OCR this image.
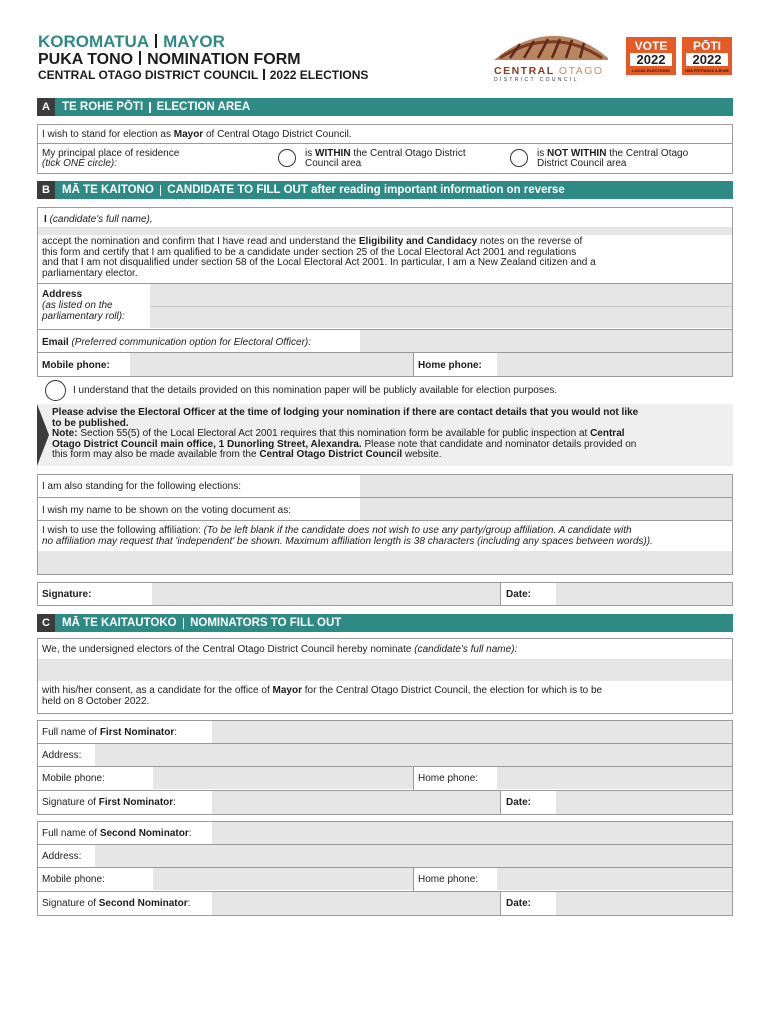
KOROMATUA MAYOR
PUKA TONO NOMINATION FORM
CENTRAL OTAGO DISTRICT COUNCIL 2022 ELECTIONS	CENTRAL OTAGO
D I S T R I C T   C O U N C I L
VOTE
2022
LOCAL ELECTIONS
PŌTI
2022
NGĀ PŌTITANGA Ā-ROHE
A	TE ROHE PŌTI ELECTION AREA
I wish to stand for election as Mayor of Central Otago District Council.
My principal place of residence
(tick ONE circle):
is WITHIN the Central Otago District
Council area
is NOT WITHIN the Central Otago
District Council area
B	MĀ TE KAITONO CANDIDATE TO FILL OUT after reading important information on reverse
I (candidate's full name),
accept the nomination and confirm that I have read and understand the Eligibility and Candidacy notes on the reverse of
this form and certify that I am qualified to be a candidate under section 25 of the Local Electoral Act 2001 and regulations
and that I am not disqualified under section 58 of the Local Electoral Act 2001. In particular, I am a New Zealand citizen and a
parliamentary elector.
Address
(as listed on the
parliamentary roll):
Email (Preferred communication option for Electoral Officer):
Mobile phone:	Home phone:
I understand that the details provided on this nomination paper will be publicly available for election purposes.
Please advise the Electoral Officer at the time of lodging your nomination if there are contact details that you would not like
to be published.
Note: Section 55(5) of the Local Electoral Act 2001 requires that this nomination form be available for public inspection at Central
Otago District Council main office, 1 Dunorling Street, Alexandra. Please note that candidate and nominator details provided on
this form may also be made available from the Central Otago District Council website.
I am also standing for the following elections:
I wish my name to be shown on the voting document as:
I wish to use the following affiliation: (To be left blank if the candidate does not wish to use any party/group affiliation. A candidate with
no affiliation may request that 'independent' be shown. Maximum affiliation length is 38 characters (including any spaces between words)).
Signature:	Date:
C	MĀ TE KAITAUTOKO NOMINATORS TO FILL OUT
We, the undersigned electors of the Central Otago District Council hereby nominate (candidate's full name):
with his/her consent, as a candidate for the office of Mayor for the Central Otago District Council, the election for which is to be
held on 8 October 2022.
Full name of First Nominator:
Address:
Mobile phone:	Home phone:
Signature of First Nominator:	Date:
Full name of Second Nominator:
Address:
Mobile phone:	Home phone:
Signature of Second Nominator:	Date:
